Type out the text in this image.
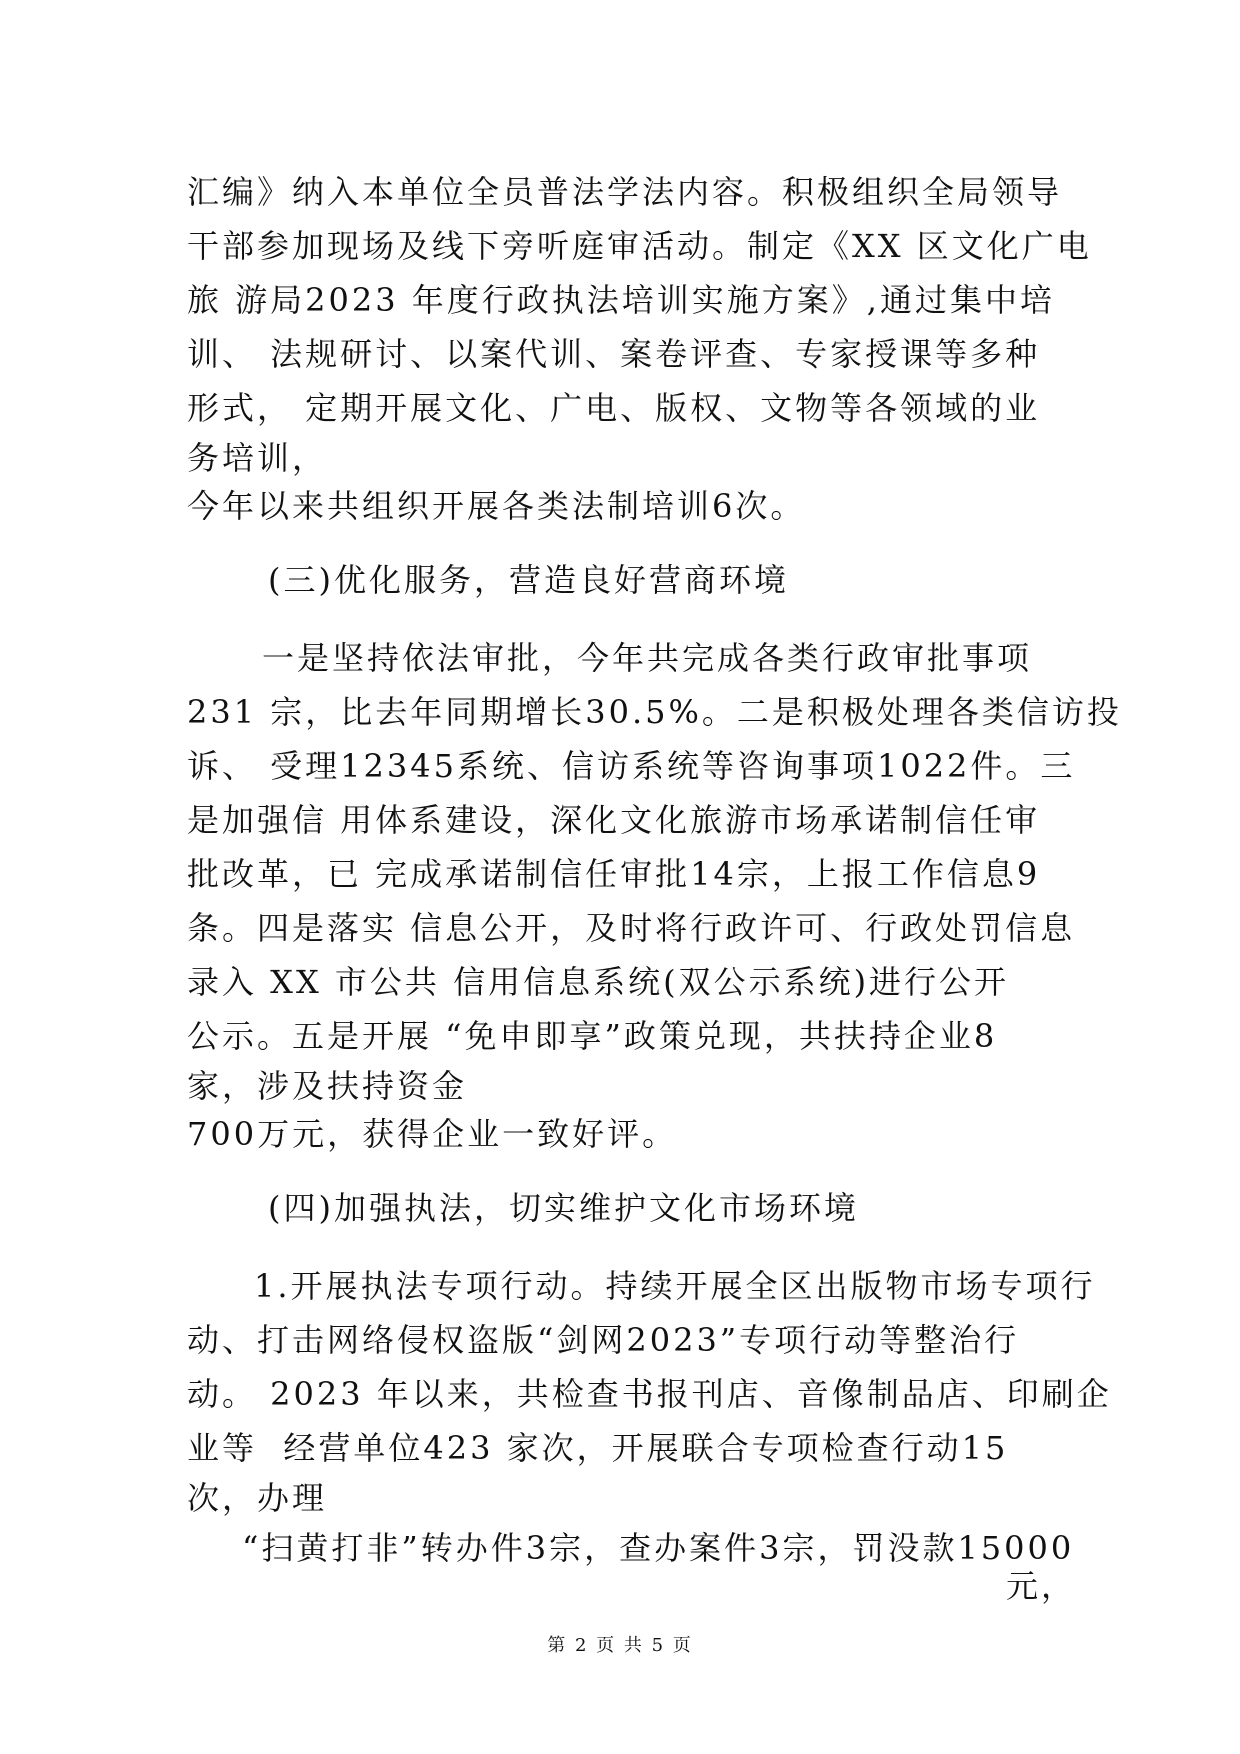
汇编》纳入本单位全员普法学法内容。积极组织全局领导
干部参加现场及线下旁听庭审活动。制定《XX 区文化广电
旅 游局2023 年度行政执法培训实施方案》,通过集中培
训、 法规研讨、以案代训、案卷评查、专家授课等多种
形式， 定期开展文化、广电、版权、文物等各领域的业
务培训，
今年以来共组织开展各类法制培训6次。
(三)优化服务，营造良好营商环境
一是坚持依法审批，今年共完成各类行政审批事项
231 宗，比去年同期增长30.5%。二是积极处理各类信访投
诉、 受理12345系统、信访系统等咨询事项1022件。三
是加强信 用体系建设，深化文化旅游市场承诺制信任审
批改革，已 完成承诺制信任审批14宗，上报工作信息9
条。四是落实 信息公开，及时将行政许可、行政处罚信息
录入 XX 市公共 信用信息系统(双公示系统)进行公开
公示。五是开展 “免申即享”政策兑现，共扶持企业8
家，涉及扶持资金
700万元，获得企业一致好评。
(四)加强执法，切实维护文化市场环境
1.开展执法专项行动。持续开展全区出版物市场专项行
动、打击网络侵权盗版“剑网2023”专项行动等整治行
动。 2023 年以来，共检查书报刊店、音像制品店、印刷企
业等  经营单位423 家次，开展联合专项检查行动15
次，办理
“扫黄打非”转办件3宗，查办案件3宗，罚没款15000
元，
第 2 页 共 5 页
